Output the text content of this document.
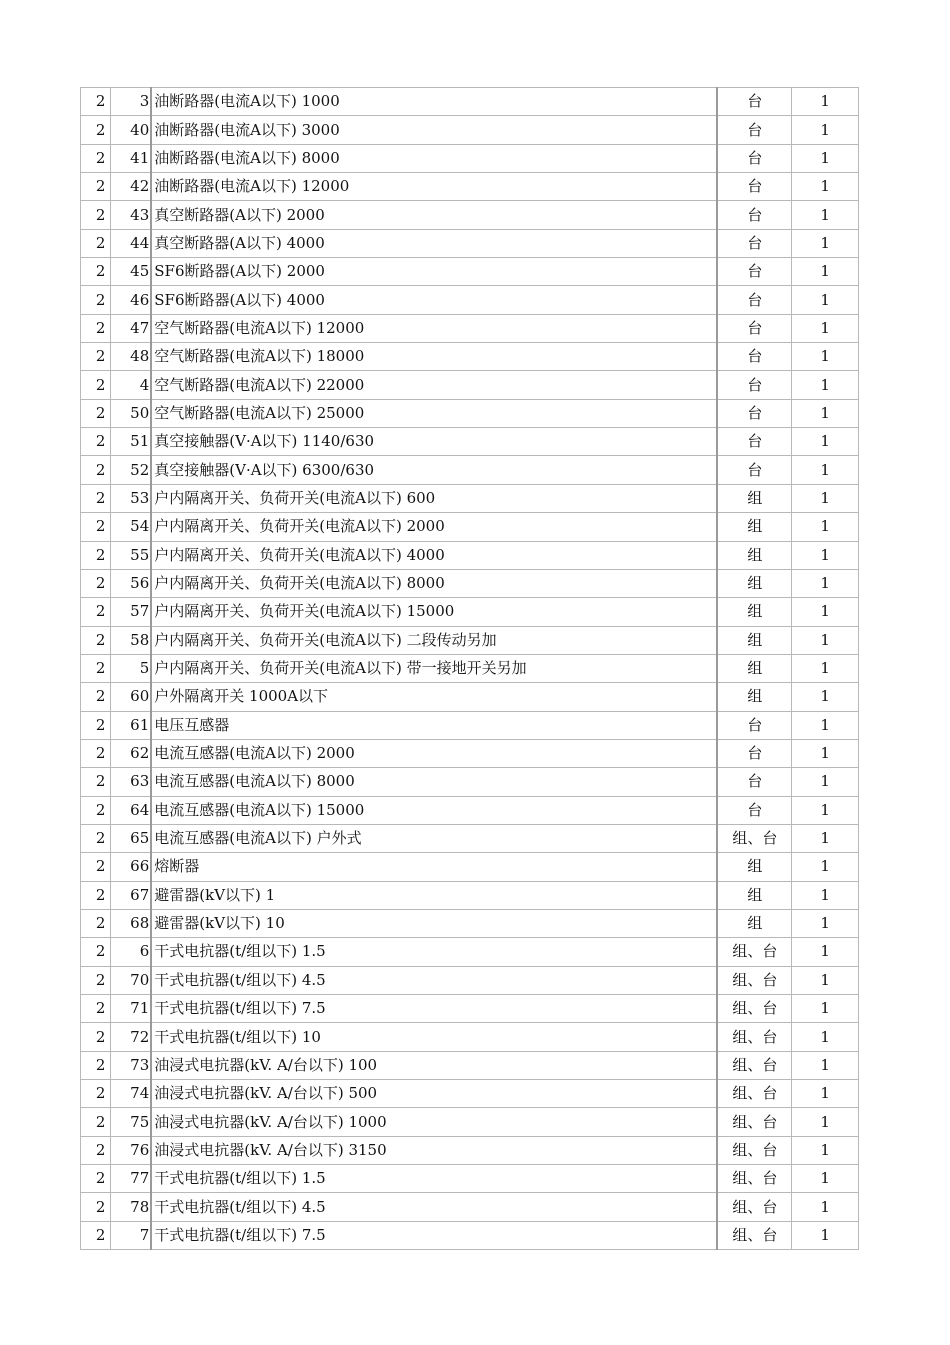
2	3	油断路器(电流A以下) 1000	台	1
2	40	油断路器(电流A以下) 3000	台	1
2	41	油断路器(电流A以下) 8000	台	1
2	42	油断路器(电流A以下) 12000	台	1
2	43	真空断路器(A以下) 2000	台	1
2	44	真空断路器(A以下) 4000	台	1
2	45	SF6断路器(A以下) 2000	台	1
2	46	SF6断路器(A以下) 4000	台	1
2	47	空气断路器(电流A以下) 12000	台	1
2	48	空气断路器(电流A以下) 18000	台	1
2	4	空气断路器(电流A以下) 22000	台	1
2	50	空气断路器(电流A以下) 25000	台	1
2	51	真空接触器(V·A以下) 1140/630	台	1
2	52	真空接触器(V·A以下) 6300/630	台	1
2	53	户内隔离开关、负荷开关(电流A以下) 600	组	1
2	54	户内隔离开关、负荷开关(电流A以下) 2000	组	1
2	55	户内隔离开关、负荷开关(电流A以下) 4000	组	1
2	56	户内隔离开关、负荷开关(电流A以下) 8000	组	1
2	57	户内隔离开关、负荷开关(电流A以下) 15000	组	1
2	58	户内隔离开关、负荷开关(电流A以下) 二段传动另加	组	1
2	5	户内隔离开关、负荷开关(电流A以下) 带一接地开关另加	组	1
2	60	户外隔离开关 1000A以下	组	1
2	61	电压互感器	台	1
2	62	电流互感器(电流A以下) 2000	台	1
2	63	电流互感器(电流A以下) 8000	台	1
2	64	电流互感器(电流A以下) 15000	台	1
2	65	电流互感器(电流A以下) 户外式	组、台	1
2	66	熔断器	组	1
2	67	避雷器(kV以下) 1	组	1
2	68	避雷器(kV以下) 10	组	1
2	6	干式电抗器(t/组以下) 1.5	组、台	1
2	70	干式电抗器(t/组以下) 4.5	组、台	1
2	71	干式电抗器(t/组以下) 7.5	组、台	1
2	72	干式电抗器(t/组以下) 10	组、台	1
2	73	油浸式电抗器(kV. A/台以下) 100	组、台	1
2	74	油浸式电抗器(kV. A/台以下) 500	组、台	1
2	75	油浸式电抗器(kV. A/台以下) 1000	组、台	1
2	76	油浸式电抗器(kV. A/台以下) 3150	组、台	1
2	77	干式电抗器(t/组以下) 1.5	组、台	1
2	78	干式电抗器(t/组以下) 4.5	组、台	1
2	7	干式电抗器(t/组以下) 7.5	组、台	1
